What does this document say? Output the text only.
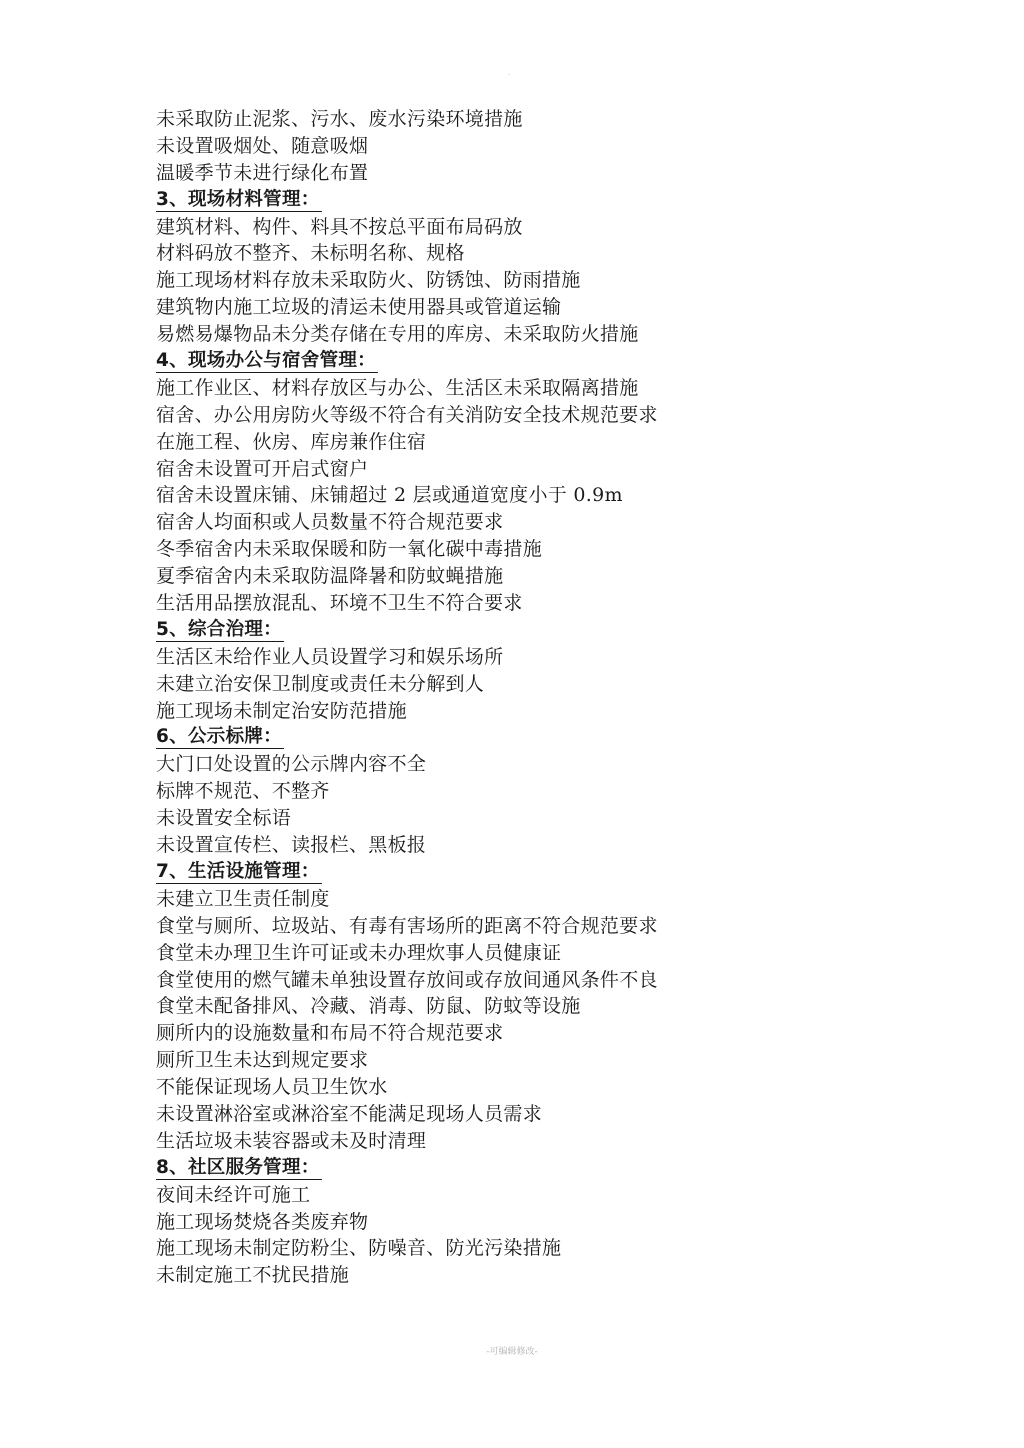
.
未采取防止泥浆、污水、废水污染环境措施
未设置吸烟处、随意吸烟
温暖季节未进行绿化布置
3、现场材料管理：
建筑材料、构件、料具不按总平面布局码放
材料码放不整齐、未标明名称、规格
施工现场材料存放未采取防火、防锈蚀、防雨措施
建筑物内施工垃圾的清运未使用器具或管道运输
易燃易爆物品未分类存储在专用的库房、未采取防火措施
4、现场办公与宿舍管理：
施工作业区、材料存放区与办公、生活区未采取隔离措施
宿舍、办公用房防火等级不符合有关消防安全技术规范要求
在施工程、伙房、库房兼作住宿
宿舍未设置可开启式窗户
宿舍未设置床铺、床铺超过 2 层或通道宽度小于 0.9m
宿舍人均面积或人员数量不符合规范要求
冬季宿舍内未采取保暖和防一氧化碳中毒措施
夏季宿舍内未采取防温降暑和防蚊蝇措施
生活用品摆放混乱、环境不卫生不符合要求
5、综合治理：
生活区未给作业人员设置学习和娱乐场所
未建立治安保卫制度或责任未分解到人
施工现场未制定治安防范措施
6、公示标牌：
大门口处设置的公示牌内容不全
标牌不规范、不整齐
未设置安全标语
未设置宣传栏、读报栏、黑板报
7、生活设施管理：
未建立卫生责任制度
食堂与厕所、垃圾站、有毒有害场所的距离不符合规范要求
食堂未办理卫生许可证或未办理炊事人员健康证
食堂使用的燃气罐未单独设置存放间或存放间通风条件不良
食堂未配备排风、冷藏、消毒、防鼠、防蚊等设施
厕所内的设施数量和布局不符合规范要求
厕所卫生未达到规定要求
不能保证现场人员卫生饮水
未设置淋浴室或淋浴室不能满足现场人员需求
生活垃圾未装容器或未及时清理
8、社区服务管理：
夜间未经许可施工
施工现场焚烧各类废弃物
施工现场未制定防粉尘、防噪音、防光污染措施
未制定施工不扰民措施
-可编辑修改-
